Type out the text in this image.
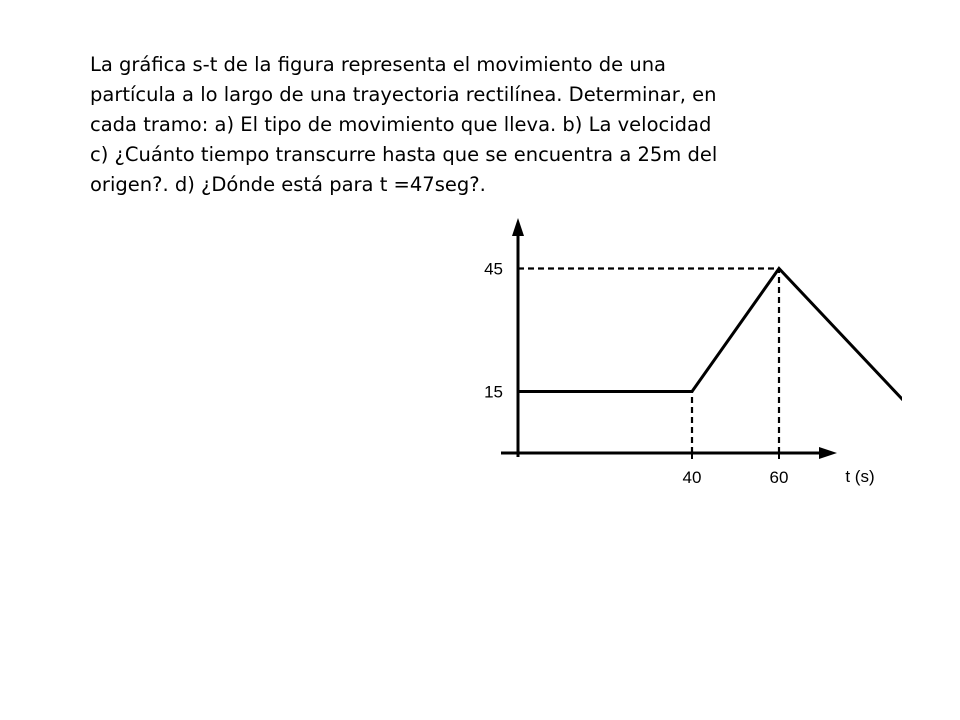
La gráfica s-t de la figura representa el movimiento de una
partícula a lo largo de una trayectoria rectilínea. Determinar, en
cada tramo: a) El tipo de movimiento que lleva. b) La velocidad
c) ¿Cuánto tiempo transcurre hasta que se encuentra a 25m del
origen?. d) ¿Dónde está para t =47seg?.
15
45
40	60	t (s)
